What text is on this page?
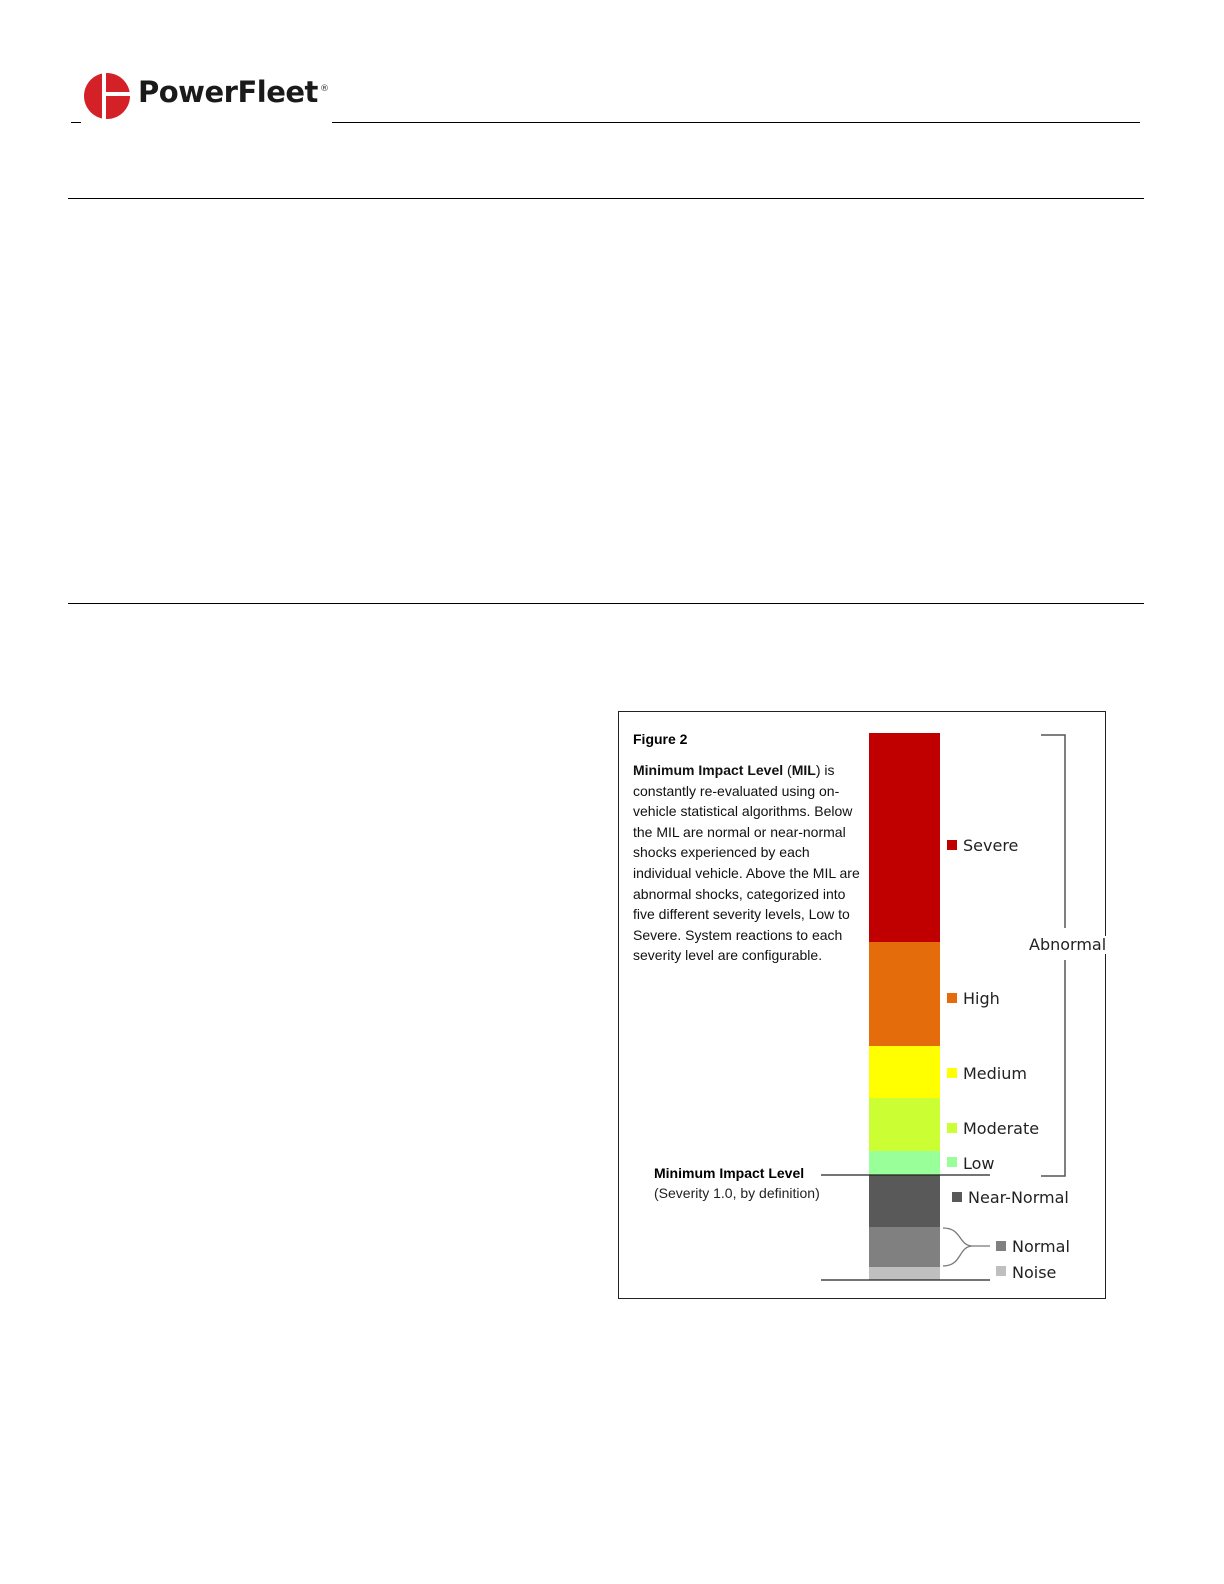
PowerFleet ®
Figure 2
Minimum Impact Level (MIL) is constantly re-evaluated using on-vehicle statistical algorithms. Below the MIL are normal or near-normal shocks experienced by each individual vehicle. Above the MIL are abnormal shocks, categorized into five different severity levels, Low to Severe. System reactions to each severity level are configurable.
Severe
High
Medium
Moderate
Low
Near-Normal
Normal
Noise
Abnormal
Minimum Impact Level
(Severity 1.0, by definition)
